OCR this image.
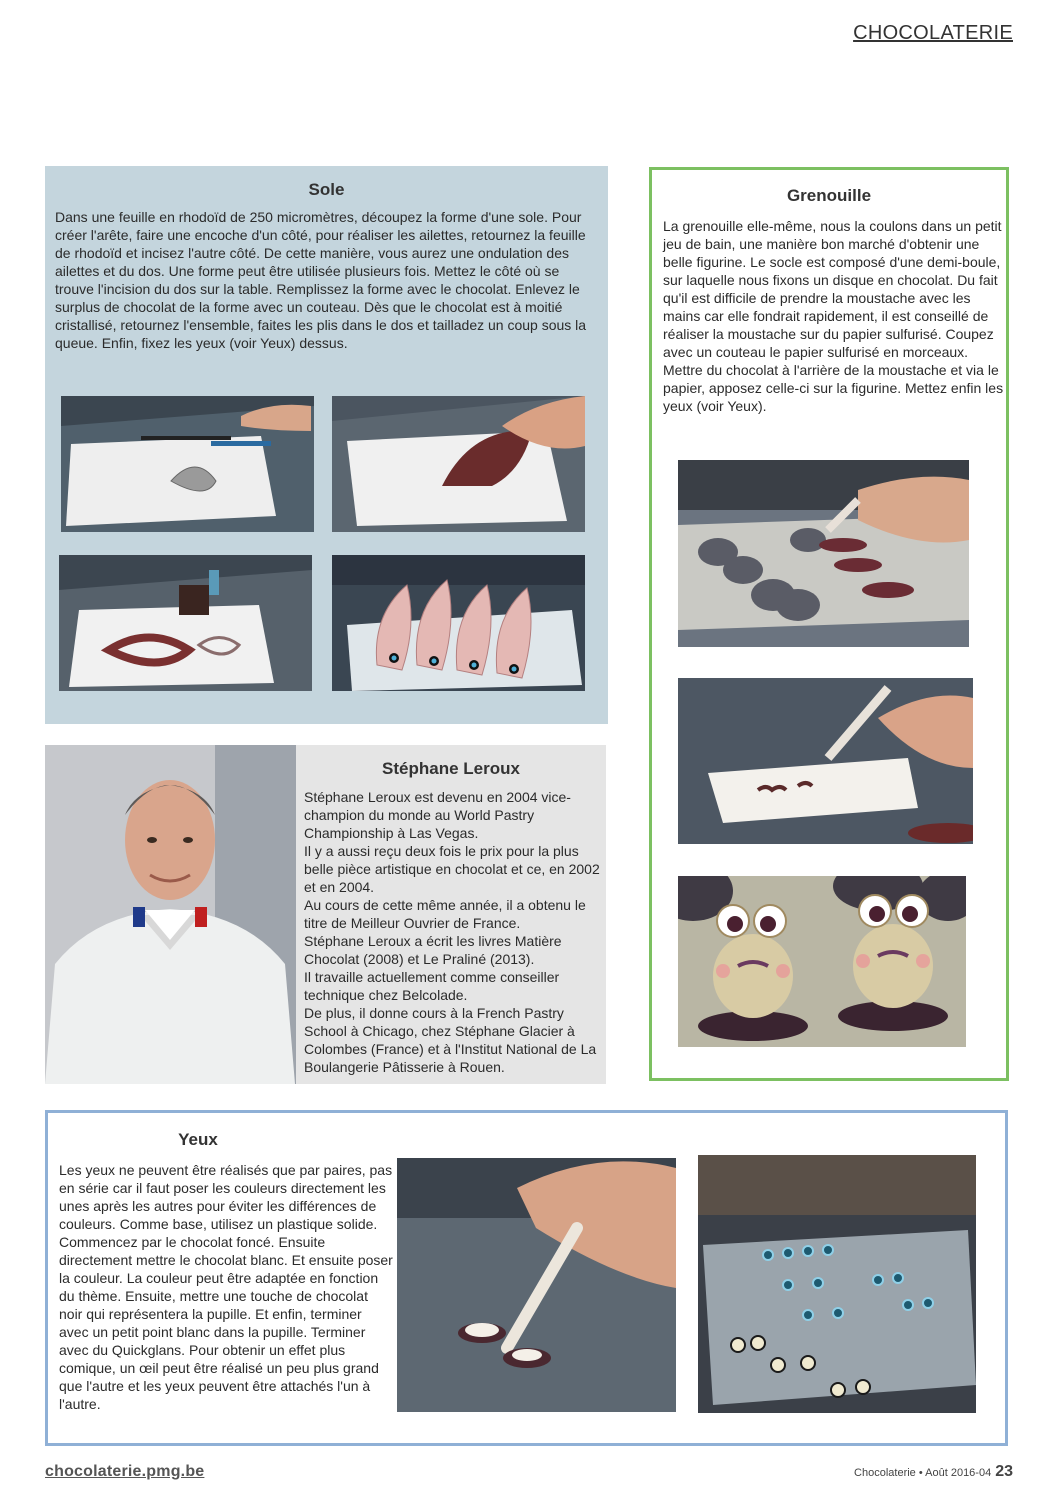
CHOCOLATERIE
Sole
Dans une feuille en rhodoïd de 250 micromètres, découpez la forme d'une sole. Pour créer l'arête, faire une encoche d'un côté, pour réaliser les ailettes, retournez la feuille de rhodoïd et incisez l'autre côté. De cette manière, vous aurez une ondulation des ailettes et du dos. Une forme peut être utilisée plusieurs fois. Mettez le côté où se trouve l'incision du dos sur la table. Remplissez la forme avec le chocolat. Enlevez le surplus de chocolat de la forme avec un couteau. Dès que le chocolat est à moitié cristallisé, retournez l'ensemble, faites les plis dans le dos et tailladez un coup sous la queue. Enfin, fixez les yeux (voir Yeux) dessus.
Grenouille
La grenouille elle-même, nous la coulons dans un petit jeu de bain, une manière bon marché d'obtenir une belle figurine. Le socle est composé d'une demi-boule, sur laquelle nous fixons un disque en chocolat. Du fait qu'il est difficile de prendre la moustache avec les mains car elle fondrait rapidement, il est conseillé de réaliser la moustache sur du papier sulfurisé. Coupez avec un couteau le papier sulfurisé en morceaux. Mettre du chocolat à l'arrière de la moustache et via le papier, apposez celle-ci sur la figurine. Mettez enfin les yeux (voir Yeux).
Stéphane Leroux

Stéphane Leroux est devenu en 2004 vice-champion du monde au World Pastry Championship à Las Vegas.

Il y a aussi reçu deux fois le prix pour la plus belle pièce artistique en chocolat et ce, en 2002 et en 2004.

Au cours de cette même année, il a obtenu le titre de Meilleur Ouvrier de France.

Stéphane Leroux a écrit les livres Matière Chocolat (2008) et Le Praliné (2013).

Il travaille actuellement comme conseiller technique chez Belcolade.

De plus, il donne cours à la French Pastry School à Chicago, chez Stéphane Glacier à Colombes (France) et à l'Institut National de La Boulangerie Pâtisserie à Rouen.

Yeux
Les yeux ne peuvent être réalisés que par paires, pas en série car il faut poser les couleurs directement les unes après les autres pour éviter les différences de couleurs. Comme base, utilisez un plastique solide. Commencez par le chocolat foncé. Ensuite directement mettre le chocolat blanc. Et ensuite poser la couleur. La couleur peut être adaptée en fonction du thème. Ensuite, mettre une touche de chocolat noir qui représentera la pupille. Et enfin, terminer avec un petit point blanc dans la pupille. Terminer avec du Quickglans. Pour obtenir un effet plus comique, un œil peut être réalisé un peu plus grand que l'autre et les yeux peuvent être attachés l'un à l'autre.
chocolaterie.pmg.be	Chocolaterie • Août 2016-04 23
